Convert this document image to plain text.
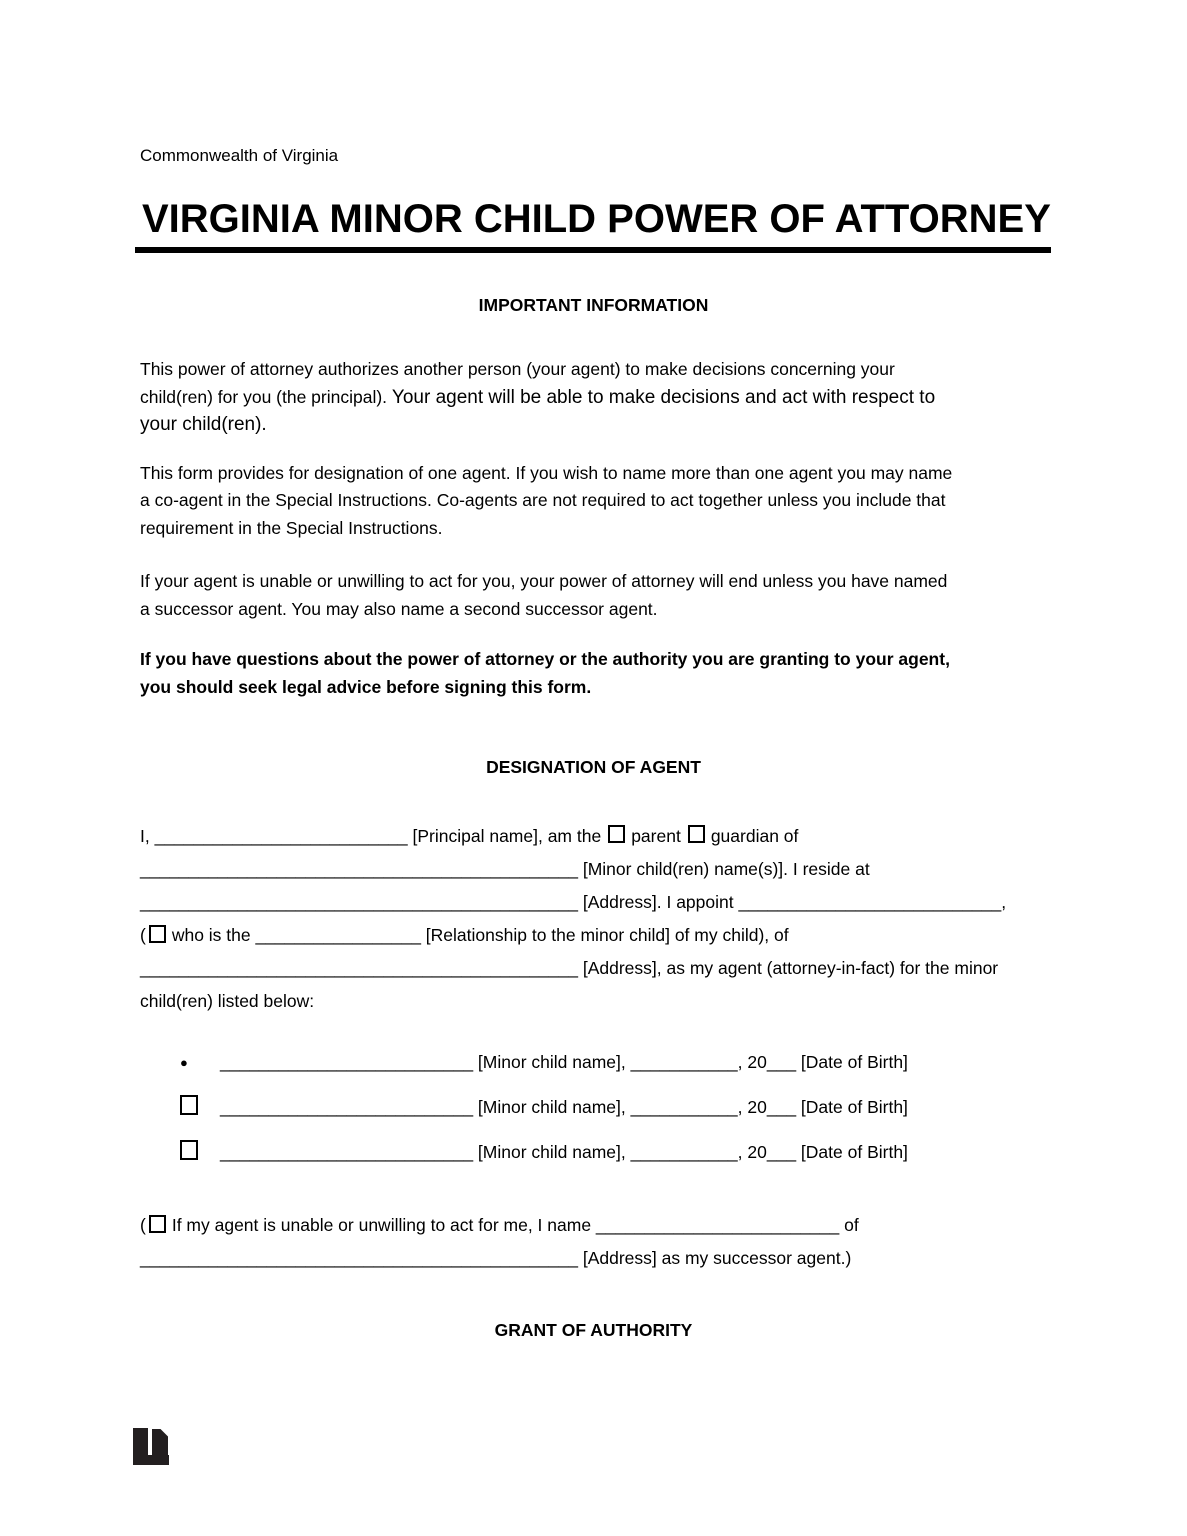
Commonwealth of Virginia
VIRGINIA MINOR CHILD POWER OF ATTORNEY
IMPORTANT INFORMATION
This power of attorney authorizes another person (your agent) to make decisions concerning your
child(ren) for you (the principal). Your agent will be able to make decisions and act with respect to
your child(ren).
This form provides for designation of one agent. If you wish to name more than one agent you may name
a co-agent in the Special Instructions. Co-agents are not required to act together unless you include that
requirement in the Special Instructions.
If your agent is unable or unwilling to act for you, your power of attorney will end unless you have named
a successor agent. You may also name a second successor agent.
If you have questions about the power of attorney or the authority you are granting to your agent,
you should seek legal advice before signing this form.
DESIGNATION OF AGENT
I, __________________________ [Principal name], am the parent guardian of
_____________________________________________ [Minor child(ren) name(s)]. I reside at
_____________________________________________ [Address]. I appoint ___________________________,
( who is the _________________ [Relationship to the minor child] of my child), of
_____________________________________________ [Address], as my agent (attorney-in-fact) for the minor
child(ren) listed below:
● __________________________ [Minor child name], ___________, 20___ [Date of Birth]
__________________________ [Minor child name], ___________, 20___ [Date of Birth]
__________________________ [Minor child name], ___________, 20___ [Date of Birth]
( If my agent is unable or unwilling to act for me, I name _________________________ of
_____________________________________________ [Address] as my successor agent.)
GRANT OF AUTHORITY
